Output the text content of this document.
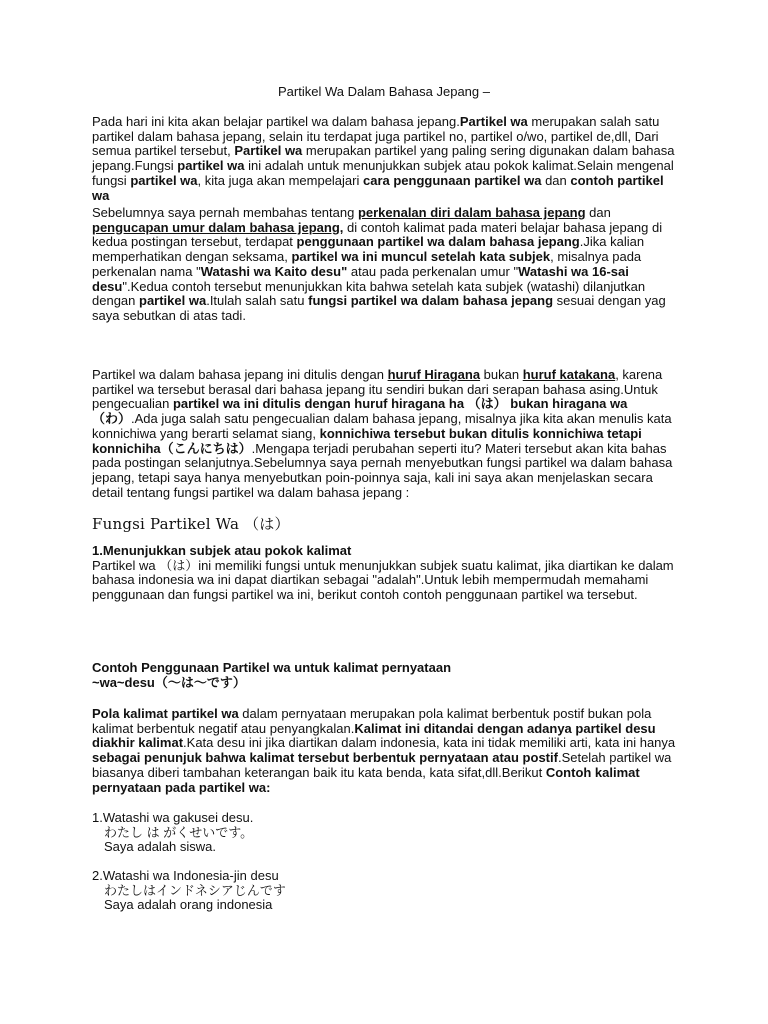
Partikel Wa Dalam Bahasa Jepang –

Pada hari ini kita akan belajar partikel wa dalam bahasa jepang.Partikel wa merupakan salah satu partikel dalam bahasa jepang, selain itu terdapat juga partikel no, partikel o/wo, partikel de,dll, Dari semua partikel tersebut, Partikel wa merupakan partikel yang paling sering digunakan dalam bahasa jepang.Fungsi partikel wa ini adalah untuk menunjukkan subjek atau pokok kalimat.Selain mengenal fungsi partikel wa, kita juga akan mempelajari cara penggunaan partikel wa dan contoh partikel wa

Sebelumnya saya pernah membahas tentang perkenalan diri dalam bahasa jepang dan pengucapan umur dalam bahasa jepang, di contoh kalimat pada materi belajar bahasa jepang di kedua postingan tersebut, terdapat penggunaan partikel wa dalam bahasa jepang.Jika kalian memperhatikan dengan seksama, partikel wa ini muncul setelah kata subjek, misalnya pada perkenalan nama "Watashi wa Kaito desu" atau pada perkenalan umur "Watashi wa 16-sai desu".Kedua contoh tersebut menunjukkan kita bahwa setelah kata subjek (watashi) dilanjutkan dengan partikel wa.Itulah salah satu fungsi partikel wa dalam bahasa jepang sesuai dengan yag saya sebutkan di atas tadi.

Partikel wa dalam bahasa jepang ini ditulis dengan huruf Hiragana bukan huruf katakana, karena partikel wa tersebut berasal dari bahasa jepang itu sendiri bukan dari serapan bahasa asing.Untuk pengecualian partikel wa ini ditulis dengan huruf hiragana ha （は） bukan hiragana wa（わ）.Ada juga salah satu pengecualian dalam bahasa jepang, misalnya jika kita akan menulis kata konnichiwa yang berarti selamat siang, konnichiwa tersebut bukan ditulis konnichiwa tetapi konnichiha（こんにちは）.Mengapa terjadi perubahan seperti itu? Materi tersebut akan kita bahas pada postingan selanjutnya.Sebelumnya saya pernah menyebutkan fungsi partikel wa dalam bahasa jepang, tetapi saya hanya menyebutkan poin-poinnya saja, kali ini saya akan menjelaskan secara detail tentang fungsi partikel wa dalam bahasa jepang :

Fungsi Partikel Wa （は）

1.Menunjukkan subjek atau pokok kalimat
Partikel wa （は）ini memiliki fungsi untuk menunjukkan subjek suatu kalimat, jika diartikan ke dalam bahasa indonesia wa ini dapat diartikan sebagai "adalah".Untuk lebih mempermudah memahami penggunaan dan fungsi partikel wa ini, berikut contoh contoh penggunaan partikel wa tersebut.

Contoh Penggunaan Partikel wa untuk kalimat pernyataan
~wa~desu（～は～です）

Pola kalimat partikel wa dalam pernyataan merupakan pola kalimat berbentuk postif bukan pola kalimat berbentuk negatif atau penyangkalan.Kalimat ini ditandai dengan adanya partikel desu diakhir kalimat.Kata desu ini jika diartikan dalam indonesia, kata ini tidak memiliki arti, kata ini hanya sebagai penunjuk bahwa kalimat tersebut berbentuk pernyataan atau postif.Setelah partikel wa biasanya diberi tambahan keterangan baik itu kata benda, kata sifat,dll.Berikut Contoh kalimat pernyataan pada partikel wa:

1.Watashi wa gakusei desu.
わたし は がくせいです。
Saya adalah siswa.

2.Watashi wa Indonesia-jin desu
わたしはインドネシアじんです
Saya adalah orang indonesia
